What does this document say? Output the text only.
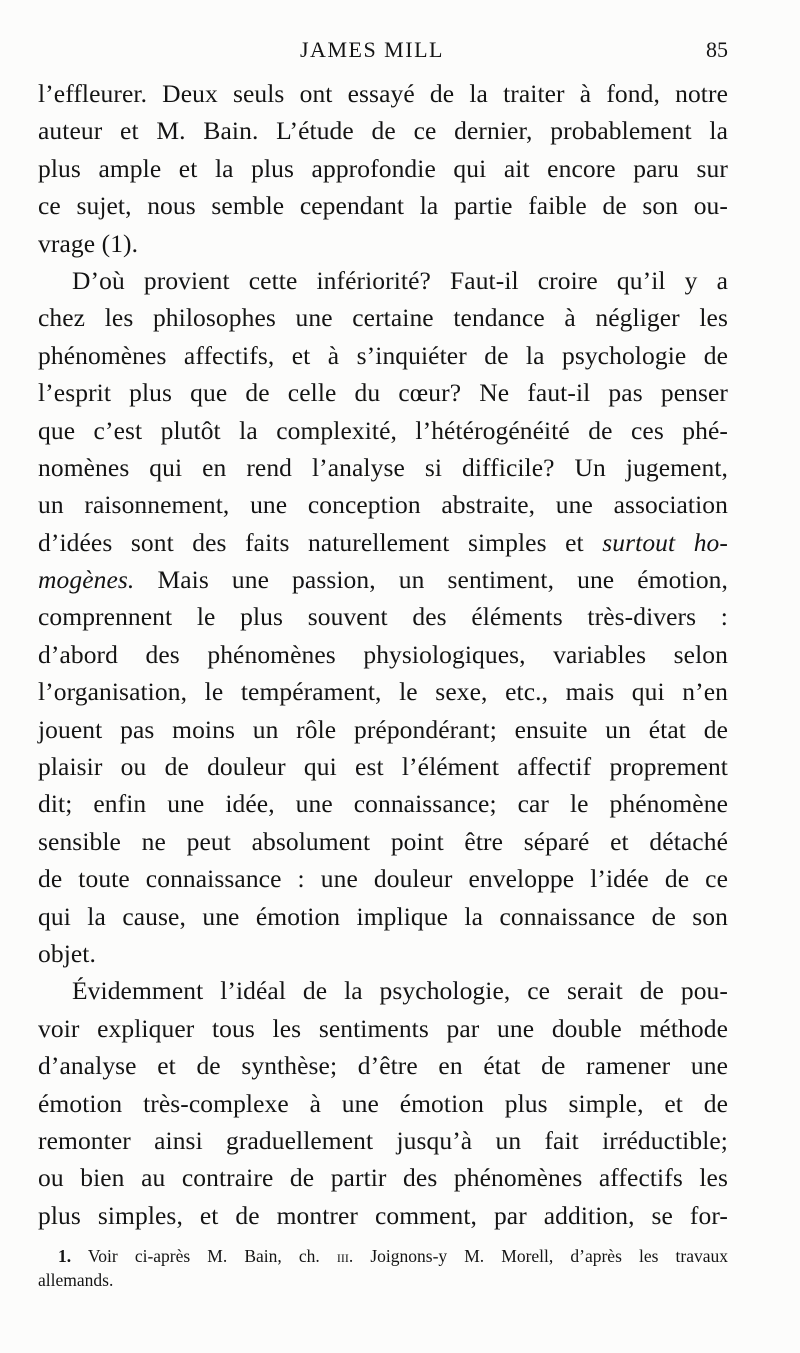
JAMES MILL	85
l’effleurer. Deux seuls ont essayé de la traiter à fond, notre
auteur et M. Bain. L’étude de ce dernier, probablement la
plus ample et la plus approfondie qui ait encore paru sur
ce sujet, nous semble cependant la partie faible de son ou-
vrage (1).
D’où provient cette infériorité? Faut-il croire qu’il y a
chez les philosophes une certaine tendance à négliger les
phénomènes affectifs, et à s’inquiéter de la psychologie de
l’esprit plus que de celle du cœur? Ne faut-il pas penser
que c’est plutôt la complexité, l’hétérogénéité de ces phé-
nomènes qui en rend l’analyse si difficile? Un jugement,
un raisonnement, une conception abstraite, une association
d’idées sont des faits naturellement simples et surtout ho-
mogènes. Mais une passion, un sentiment, une émotion,
comprennent le plus souvent des éléments très-divers :
d’abord des phénomènes physiologiques, variables selon
l’organisation, le tempérament, le sexe, etc., mais qui n’en
jouent pas moins un rôle prépondérant; ensuite un état de
plaisir ou de douleur qui est l’élément affectif proprement
dit; enfin une idée, une connaissance; car le phénomène
sensible ne peut absolument point être séparé et détaché
de toute connaissance : une douleur enveloppe l’idée de ce
qui la cause, une émotion implique la connaissance de son
objet.
Évidemment l’idéal de la psychologie, ce serait de pou-
voir expliquer tous les sentiments par une double méthode
d’analyse et de synthèse; d’être en état de ramener une
émotion très-complexe à une émotion plus simple, et de
remonter ainsi graduellement jusqu’à un fait irréductible;
ou bien au contraire de partir des phénomènes affectifs les
plus simples, et de montrer comment, par addition, se for-
1. Voir ci-après M. Bain, ch. iii. Joignons-y M. Morell, d’après les travaux
allemands.
